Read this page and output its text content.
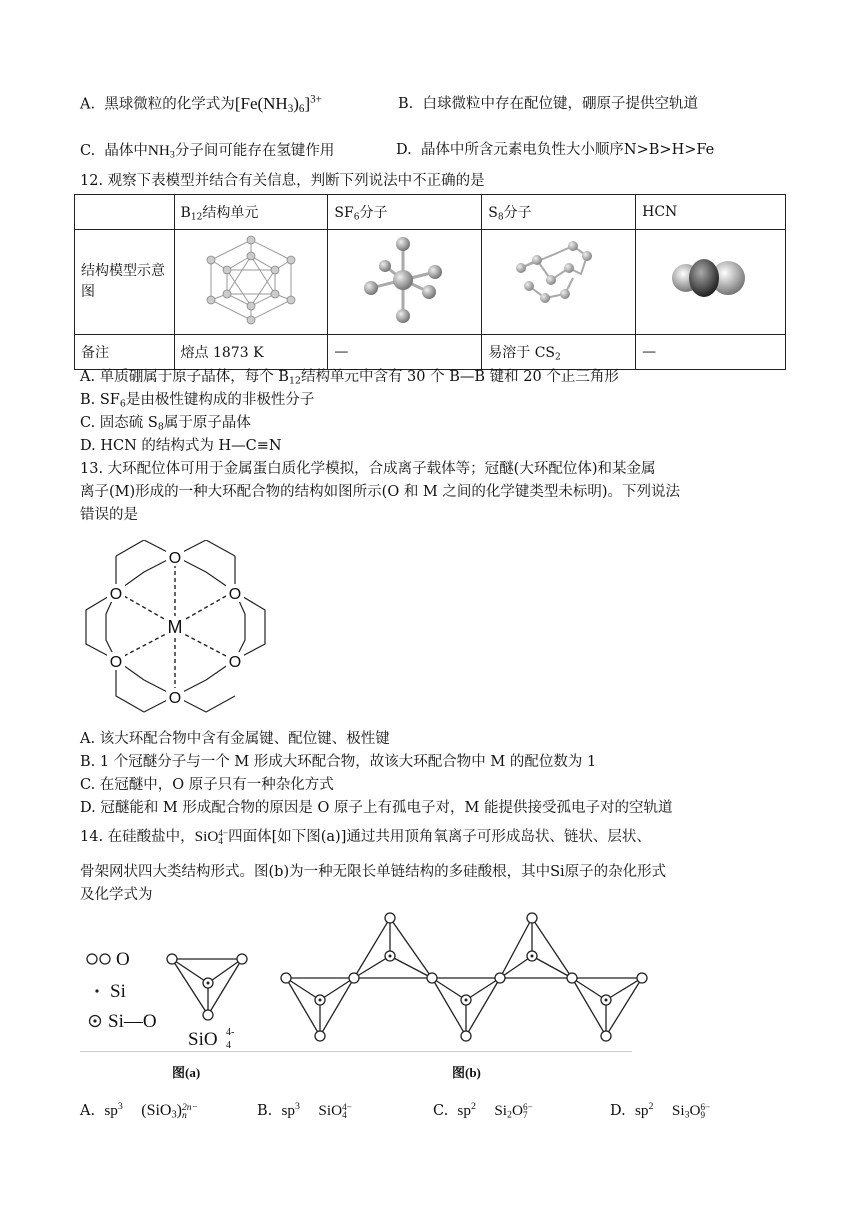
A. 黑球微粒的化学式为$[Fe(NH_3)_6]^{3+}$	B. 白球微粒中存在配位键，硼原子提供空轨道
C. 晶体中$NH_3$分子间可能存在氢键作用	D. 晶体中所含元素电负性大小顺序N>B>H>Fe
12. 观察下表模型并结合有关信息，判断下列说法中不正确的是
	$B_{12}$结构单元	$SF_6$分子	$S_8$分子	HCN
结构模型示意图				
备注	熔点 1873 K	—	易溶于 $CS_2$	—
A. 单质硼属于原子晶体，每个 $B_{12}$结构单元中含有 30 个 B—B 键和 20 个正三角形
B. $SF_6$是由极性键构成的非极性分子
C. 固态硫 $S_8$属于原子晶体
D. HCN 的结构式为 H—C≡N
13. 大环配位体可用于金属蛋白质化学模拟，合成离子载体等；冠醚(大环配位体)和某金属
离子(M)形成的一种大环配合物的结构如图所示(O 和 M 之间的化学键类型未标明)。下列说法
错误的是
O
O
O
O
O
O
M
A. 该大环配合物中含有金属键、配位键、极性键
B. 1 个冠醚分子与一个 M 形成大环配合物，故该大环配合物中 M 的配位数为 1
C. 在冠醚中，O 原子只有一种杂化方式
D. 冠醚能和 M 形成配合物的原因是 O 原子上有孤电子对，M 能提供接受孤电子对的空轨道
14. 在硅酸盐中，SiO 4−
4 四面体[如下图(a)]通过共用顶角氧离子可形成岛状、链状、层状、
骨架网状四大类结构形式。图(b)为一种无限长单链结构的多硅酸根，其中Si原子的杂化形式
及化学式为
O
Si
Si—O
SiO 4-
4
图(a)	图(b)
A. $sp^3$ (SiO$_3$) 2n−
n	B. $sp^3$ SiO 4−
4	C. $sp^2$ $Si_2O$ 6−
7	D. $sp^2$ $Si_3O$ 6−
9
